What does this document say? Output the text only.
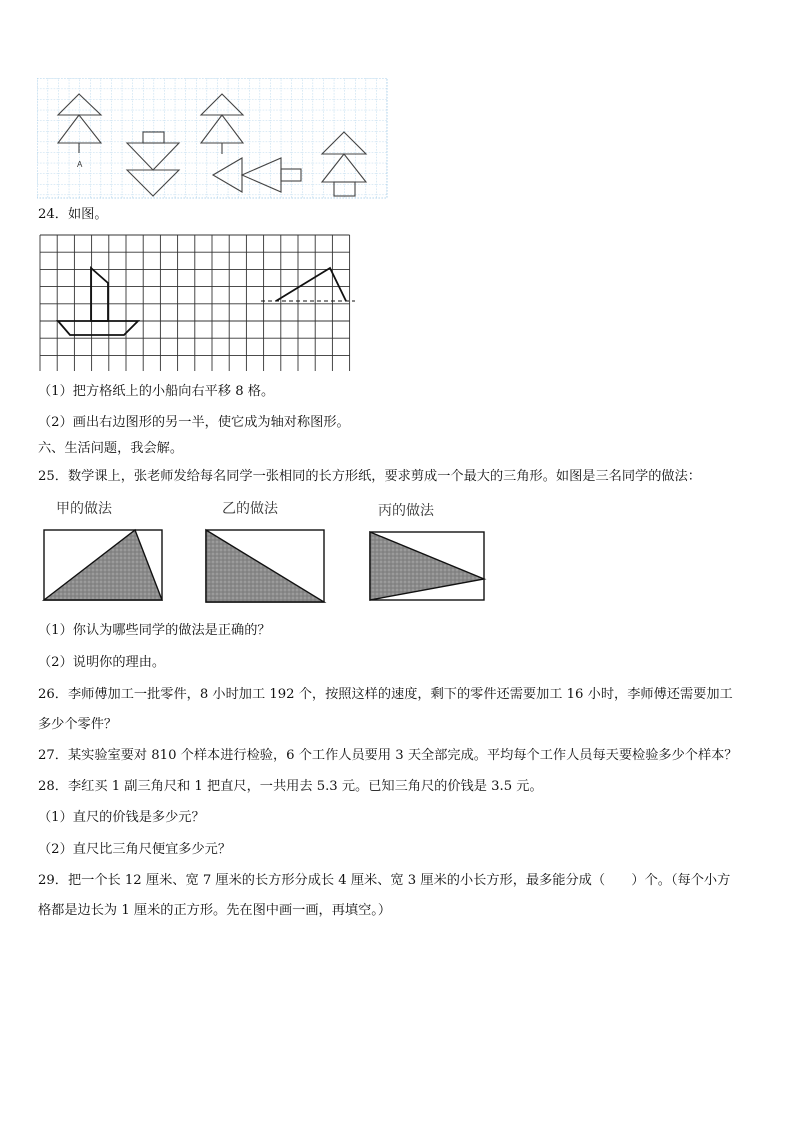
A
24．如图。
（1）把方格纸上的小船向右平移 8 格。
（2）画出右边图形的另一半，使它成为轴对称图形。
六、生活问题，我会解。
25．数学课上，张老师发给每名同学一张相同的长方形纸，要求剪成一个最大的三角形。如图是三名同学的做法：
甲的做法	乙的做法	丙的做法
（1）你认为哪些同学的做法是正确的？
（2）说明你的理由。
26．李师傅加工一批零件，8 小时加工 192 个，按照这样的速度，剩下的零件还需要加工 16 小时，李师傅还需要加工
多少个零件？
27．某实验室要对 810 个样本进行检验，6 个工作人员要用 3 天全部完成。平均每个工作人员每天要检验多少个样本？
28．李红买 1 副三角尺和 1 把直尺，一共用去 5.3 元。已知三角尺的价钱是 3.5 元。
（1）直尺的价钱是多少元？
（2）直尺比三角尺便宜多少元？
29．把一个长 12 厘米、宽 7 厘米的长方形分成长 4 厘米、宽 3 厘米的小长方形，最多能分成（　　）个。（每个小方
格都是边长为 1 厘米的正方形。先在图中画一画，再填空。）
